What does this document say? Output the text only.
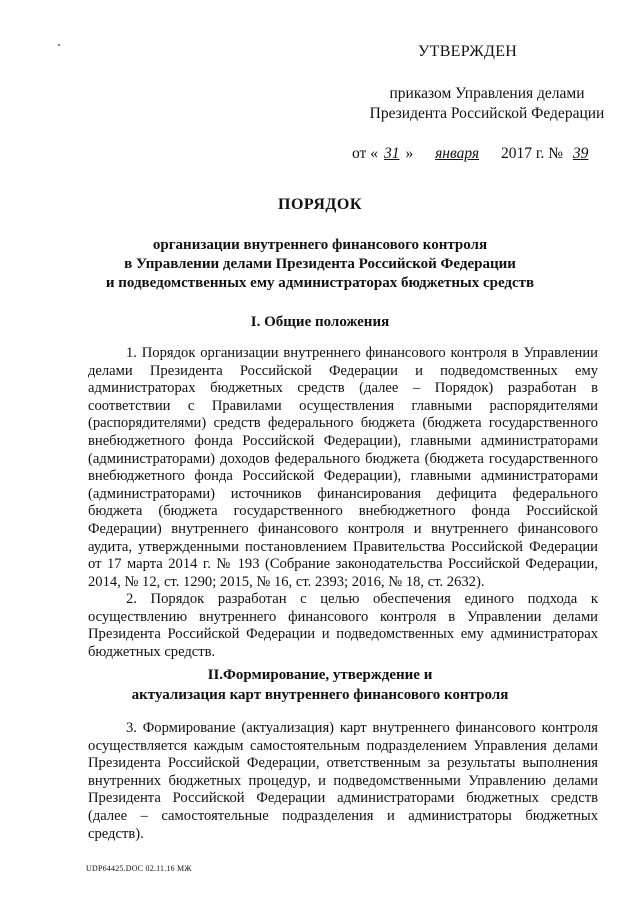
УТВЕРЖДЕН
приказом Управления делами
Президента Российской Федерации
от « 31 » января 2017 г. № 39
ПОРЯДОК
организации внутреннего финансового контроля
в Управлении делами Президента Российской Федерации
и подведомственных ему администраторах бюджетных средств
I. Общие положения
1. Порядок организации внутреннего финансового контроля в Управлении делами Президента Российской Федерации и подведомственных ему администраторах бюджетных средств (далее – Порядок) разработан в соответствии с Правилами осуществления главными распорядителями (распорядителями) средств федерального бюджета (бюджета государственного внебюджетного фонда Российской Федерации), главными администраторами (администраторами) доходов федерального бюджета (бюджета государственного внебюджетного фонда Российской Федерации), главными администраторами (администраторами) источников финансирования дефицита федерального бюджета (бюджета государственного внебюджетного фонда Российской Федерации) внутреннего финансового контроля и внутреннего финансового аудита, утвержденными постановлением Правительства Российской Федерации от 17 марта 2014 г. № 193 (Собрание законодательства Российской Федерации, 2014, № 12, ст. 1290; 2015, № 16, ст. 2393; 2016, № 18, ст. 2632).
2. Порядок разработан с целью обеспечения единого подхода к осуществлению внутреннего финансового контроля в Управлении делами Президента Российской Федерации и подведомственных ему администраторах бюджетных средств.
II.Формирование, утверждение и
актуализация карт внутреннего финансового контроля
3. Формирование (актуализация) карт внутреннего финансового контроля осуществляется каждым самостоятельным подразделением Управления делами Президента Российской Федерации, ответственным за результаты выполнения внутренних бюджетных процедур, и подведомственными Управлению делами Президента Российской Федерации администраторами бюджетных средств (далее – самостоятельные подразделения и администраторы бюджетных средств).
UDP64425.DOC 02.11.16 МЖ
